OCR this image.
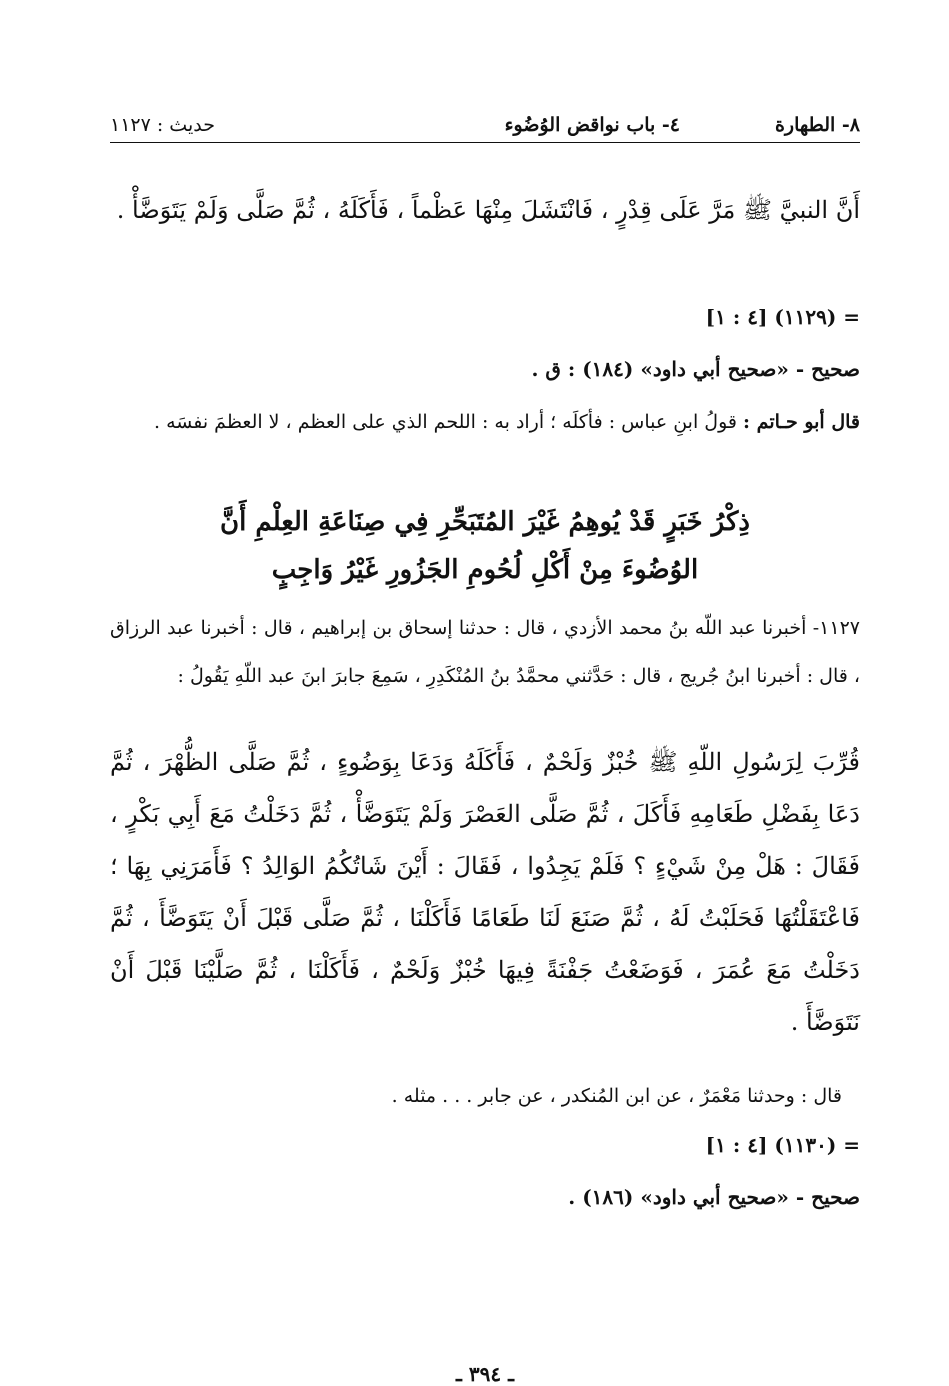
٨- الطهارة
٤- باب نواقض الوُضُوء
حديث : ١١٢٧
أَنَّ النبيَّ ﷺ مَرَّ عَلَى قِدْرٍ ، فَانْتَشَلَ مِنْهَا عَظْماً ، فَأَكَلَهُ ، ثُمَّ صَلَّى وَلَمْ يَتَوَضَّأْ .
= (١١٢٩) [٤ : ١]
صحيح - «صحيح أبي داود» (١٨٤) : ق .
قال أبو حـاتم : قولُ ابنِ عباس : فأكلَه ؛ أراد به : اللحم الذي على العظم ، لا العظمَ نفسَه .
ذِكْرُ خَبَرٍ قَدْ يُوهِمُ غَيْرَ المُتَبَحِّرِ فِي صِنَاعَةِ العِلْمِ أَنَّ
الوُضُوءَ مِنْ أَكْلِ لُحُومِ الجَزُورِ غَيْرُ وَاجِبٍ
١١٢٧- أخبرنا عبد اللّه بنُ محمد الأزدي ، قال : حدثنا إسحاق بن إبراهيم ، قال : أخبرنا عبد الرزاق ، قال : أخبرنا ابنُ جُريج ، قال : حَدَّثني محمَّدُ بنُ المُنْكَدِرِ ، سَمِعَ جابرَ ابنَ عبد اللّهِ يَقُولُ :
قُرِّبَ لِرَسُولِ اللّهِ ﷺ خُبْزٌ وَلَحْمٌ ، فَأَكَلَهُ وَدَعَا بِوَضُوءٍ ، ثُمَّ صَلَّى الظُّهْرَ ، ثُمَّ دَعَا بِفَضْلِ طَعَامِهِ فَأَكَلَ ، ثُمَّ صَلَّى العَصْرَ وَلَمْ يَتَوَضَّأْ ، ثُمَّ دَخَلْتُ مَعَ أَبِي بَكْرٍ ، فَقَالَ : هَلْ مِنْ شَيْءٍ ؟ فَلَمْ يَجِدُوا ، فَقَالَ : أَيْنَ شَاتُكُمُ الوَالِدُ ؟ فَأَمَرَنِي بِهَا ؛ فَاعْتَقَلْتُهَا فَحَلَبْتُ لَهُ ، ثُمَّ صَنَعَ لَنَا طَعَامًا فَأَكَلْنَا ، ثُمَّ صَلَّى قَبْلَ أَنْ يَتَوَضَّأَ ، ثُمَّ دَخَلْتُ مَعَ عُمَرَ ، فَوَضَعْتُ جَفْنَةً فِيهَا خُبْزٌ وَلَحْمٌ ، فَأَكَلْنَا ، ثُمَّ صَلَّيْنَا قَبْلَ أَنْ نَتَوَضَّأَ .
قال : وحدثنا مَعْمَرٌ ، عن ابن المُنكدر ، عن جابر . . . مثله .
= (١١٣٠) [٤ : ١]
صحيح - «صحيح أبي داود» (١٨٦) .
ـ ٣٩٤ ـ
